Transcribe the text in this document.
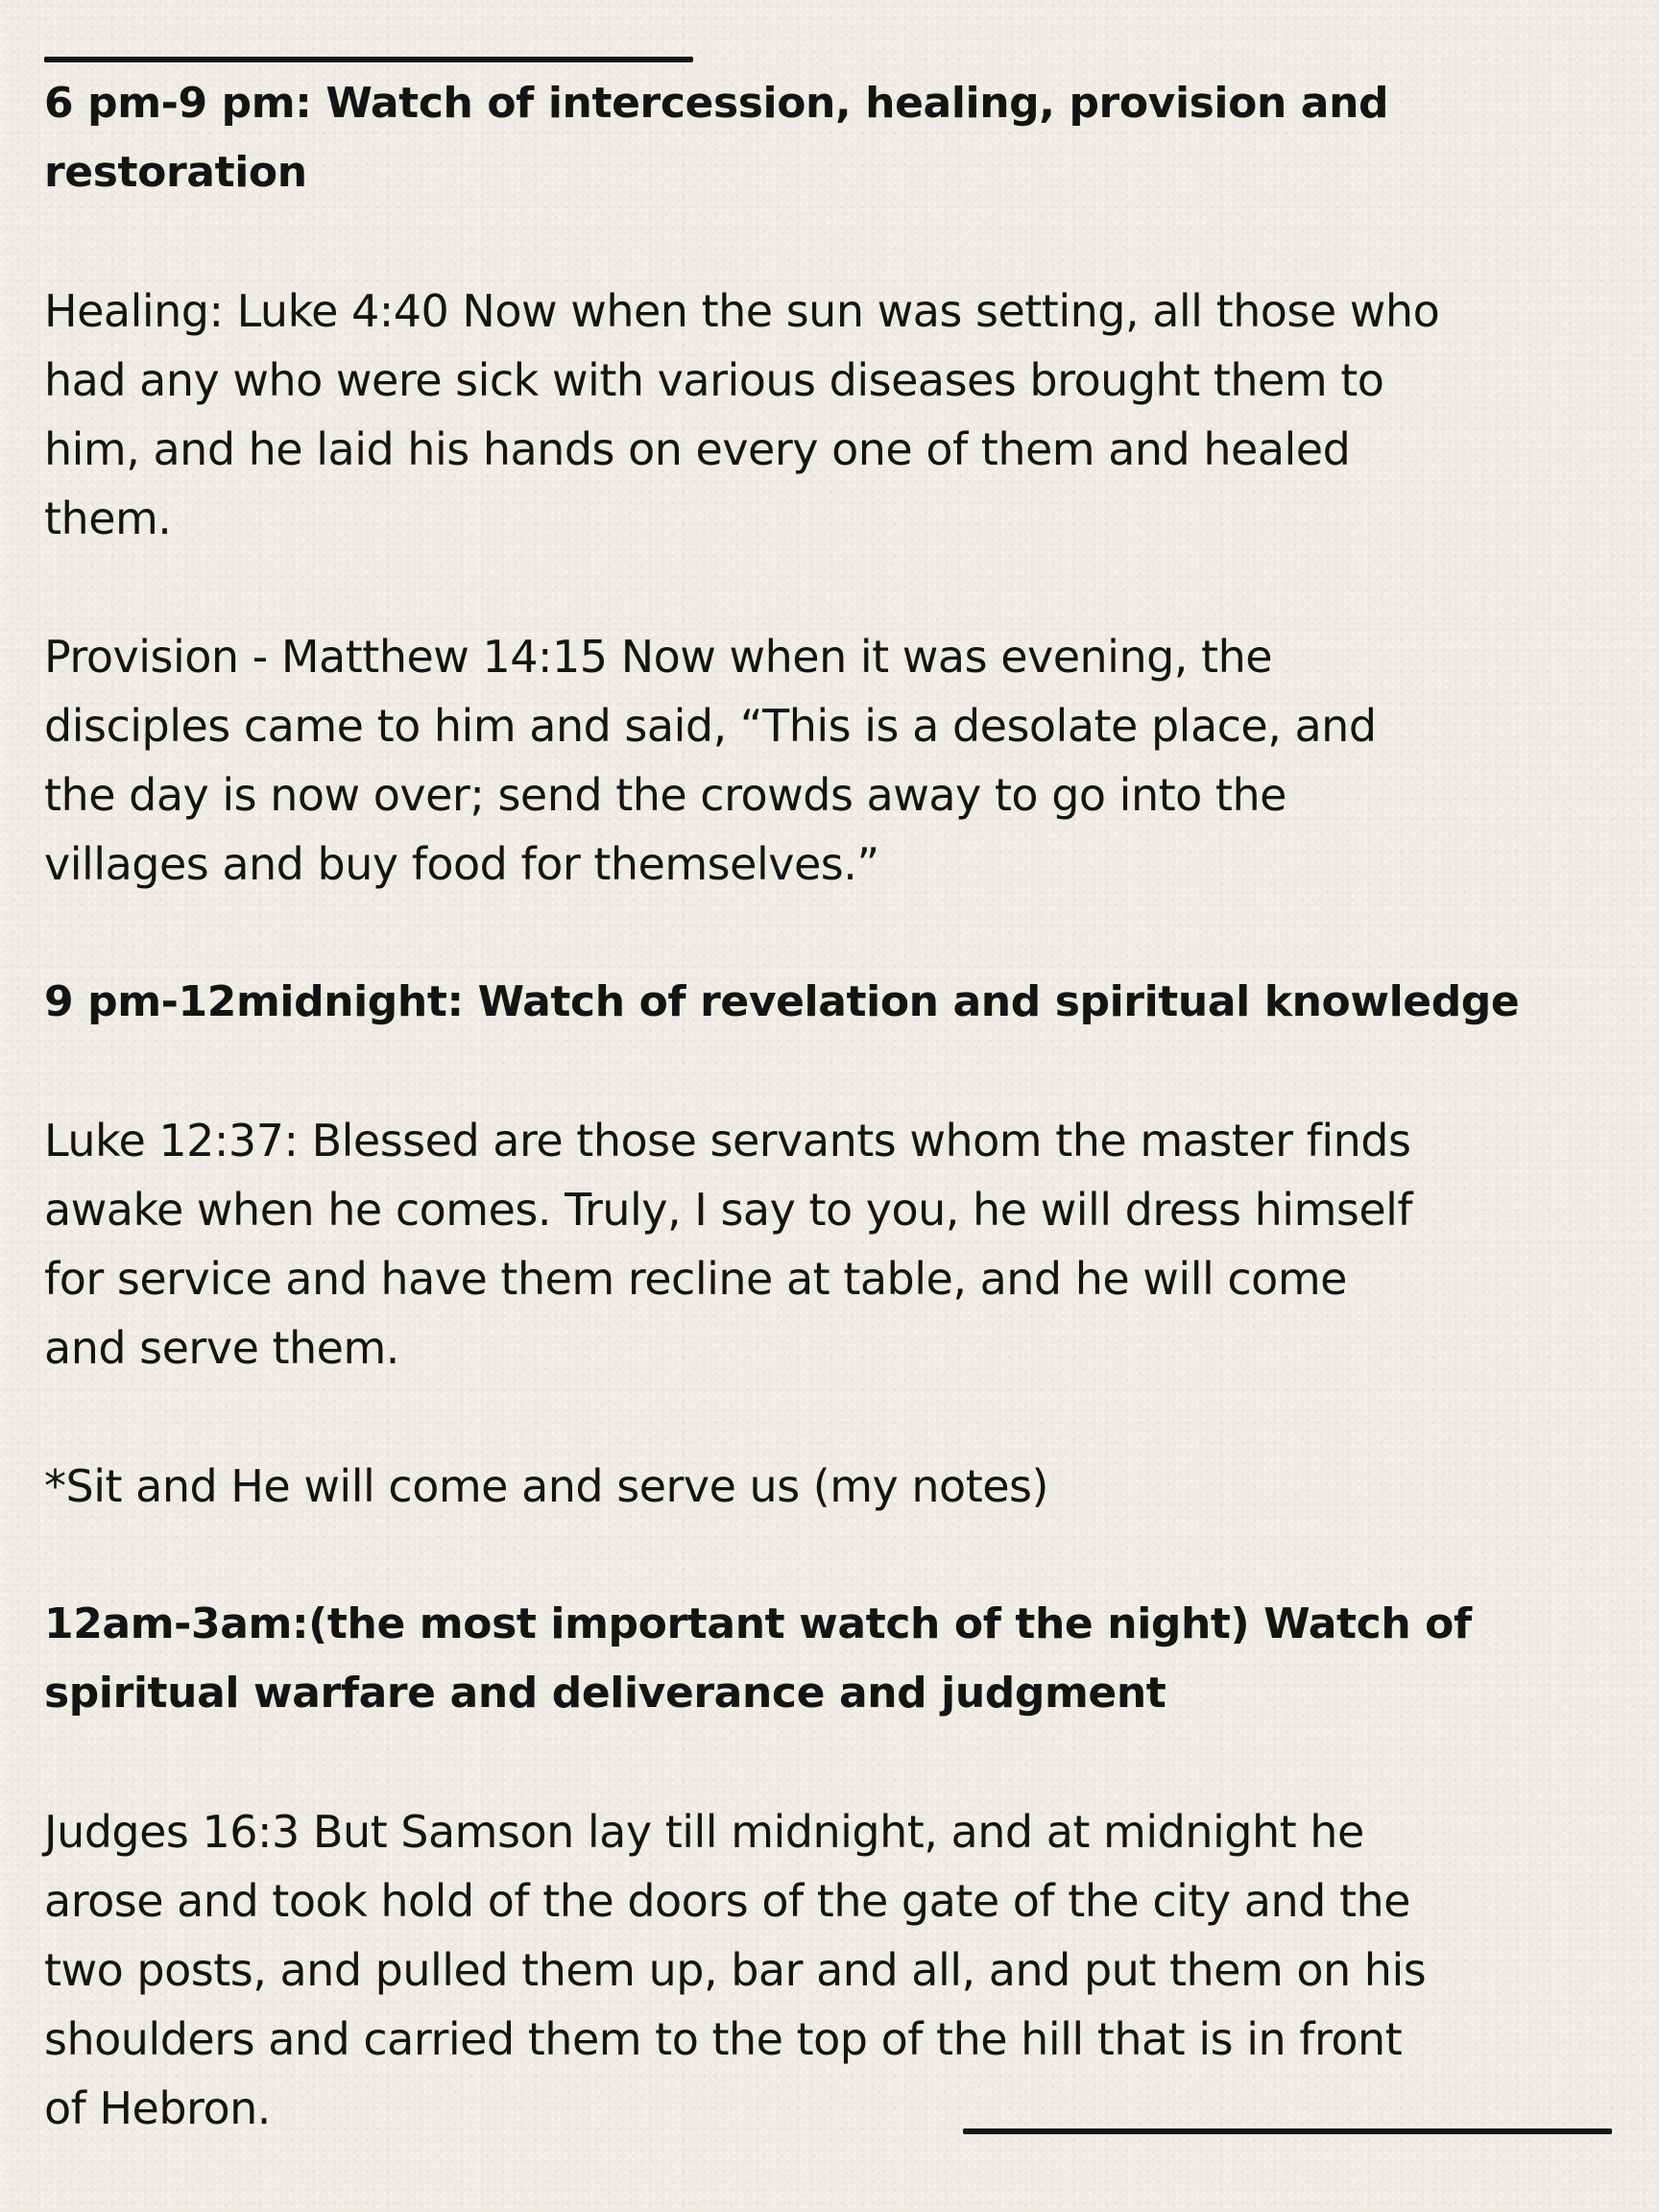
6 pm-9 pm: Watch of intercession, healing, provision and
restoration
Healing: Luke 4:40 Now when the sun was setting, all those who
had any who were sick with various diseases brought them to
him, and he laid his hands on every one of them and healed
them.
Provision - Matthew 14:15 Now when it was evening, the
disciples came to him and said, “This is a desolate place, and
the day is now over; send the crowds away to go into the
villages and buy food for themselves.”
9 pm-12midnight: Watch of revelation and spiritual knowledge
Luke 12:37: Blessed are those servants whom the master finds
awake when he comes. Truly, I say to you, he will dress himself
for service and have them recline at table, and he will come
and serve them.
*Sit and He will come and serve us (my notes)
12am-3am:(the most important watch of the night) Watch of
spiritual warfare and deliverance and judgment
Judges 16:3 But Samson lay till midnight, and at midnight he
arose and took hold of the doors of the gate of the city and the
two posts, and pulled them up, bar and all, and put them on his
shoulders and carried them to the top of the hill that is in front
of Hebron.
